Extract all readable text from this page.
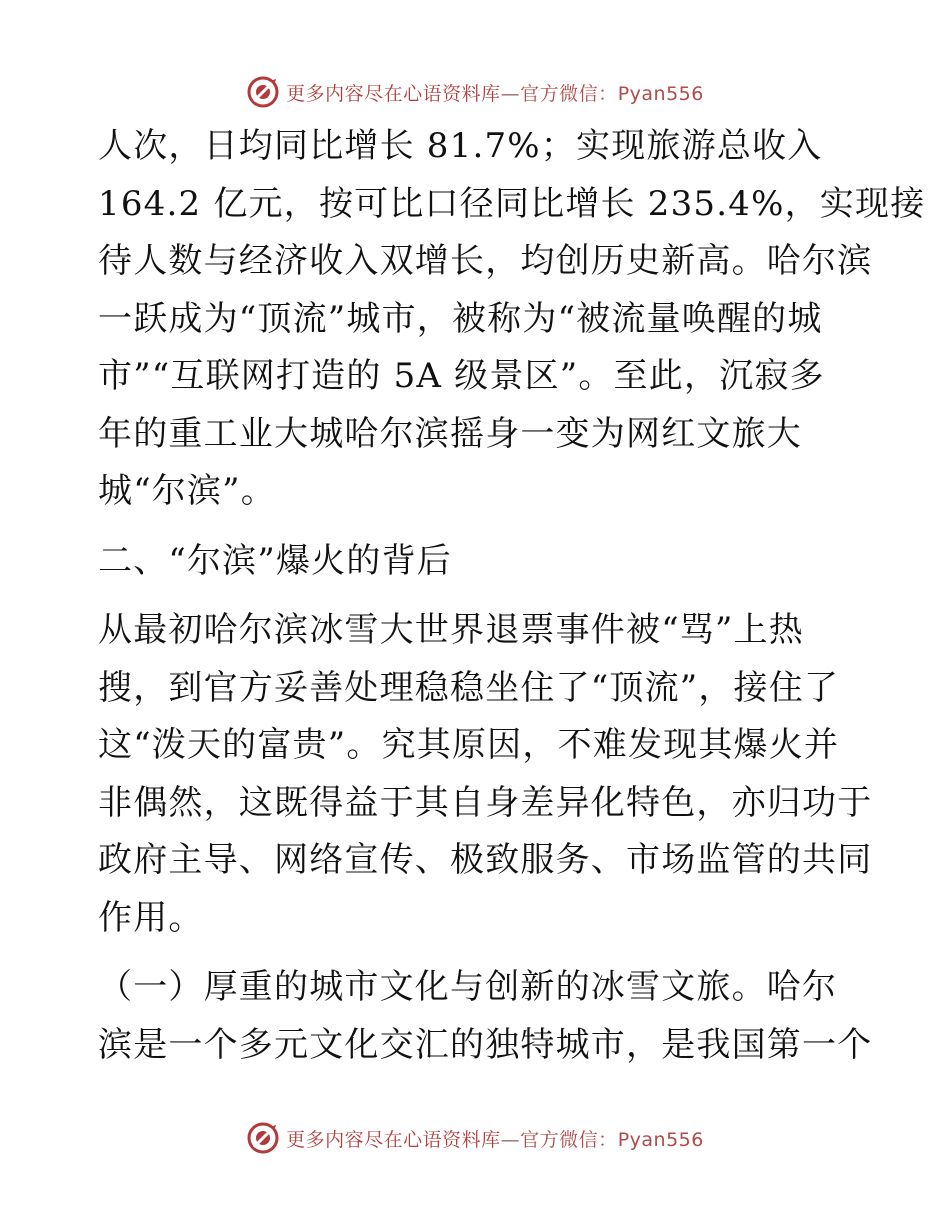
更多内容尽在心语资料库—官方微信：Pyan556
人次，日均同比增长 81.7%；实现旅游总收入
164.2 亿元，按可比口径同比增长 235.4%，实现接
待人数与经济收入双增长，均创历史新高。哈尔滨
一跃成为“顶流”城市，被称为“被流量唤醒的城
市”“互联网打造的 5A 级景区”。至此，沉寂多
年的重工业大城哈尔滨摇身一变为网红文旅大
城“尔滨”。
二、“尔滨”爆火的背后
从最初哈尔滨冰雪大世界退票事件被“骂”上热
搜，到官方妥善处理稳稳坐住了“顶流”，接住了
这“泼天的富贵”。究其原因，不难发现其爆火并
非偶然，这既得益于其自身差异化特色，亦归功于
政府主导、网络宣传、极致服务、市场监管的共同
作用。
（一）厚重的城市文化与创新的冰雪文旅。哈尔
滨是一个多元文化交汇的独特城市，是我国第一个
更多内容尽在心语资料库—官方微信：Pyan556
